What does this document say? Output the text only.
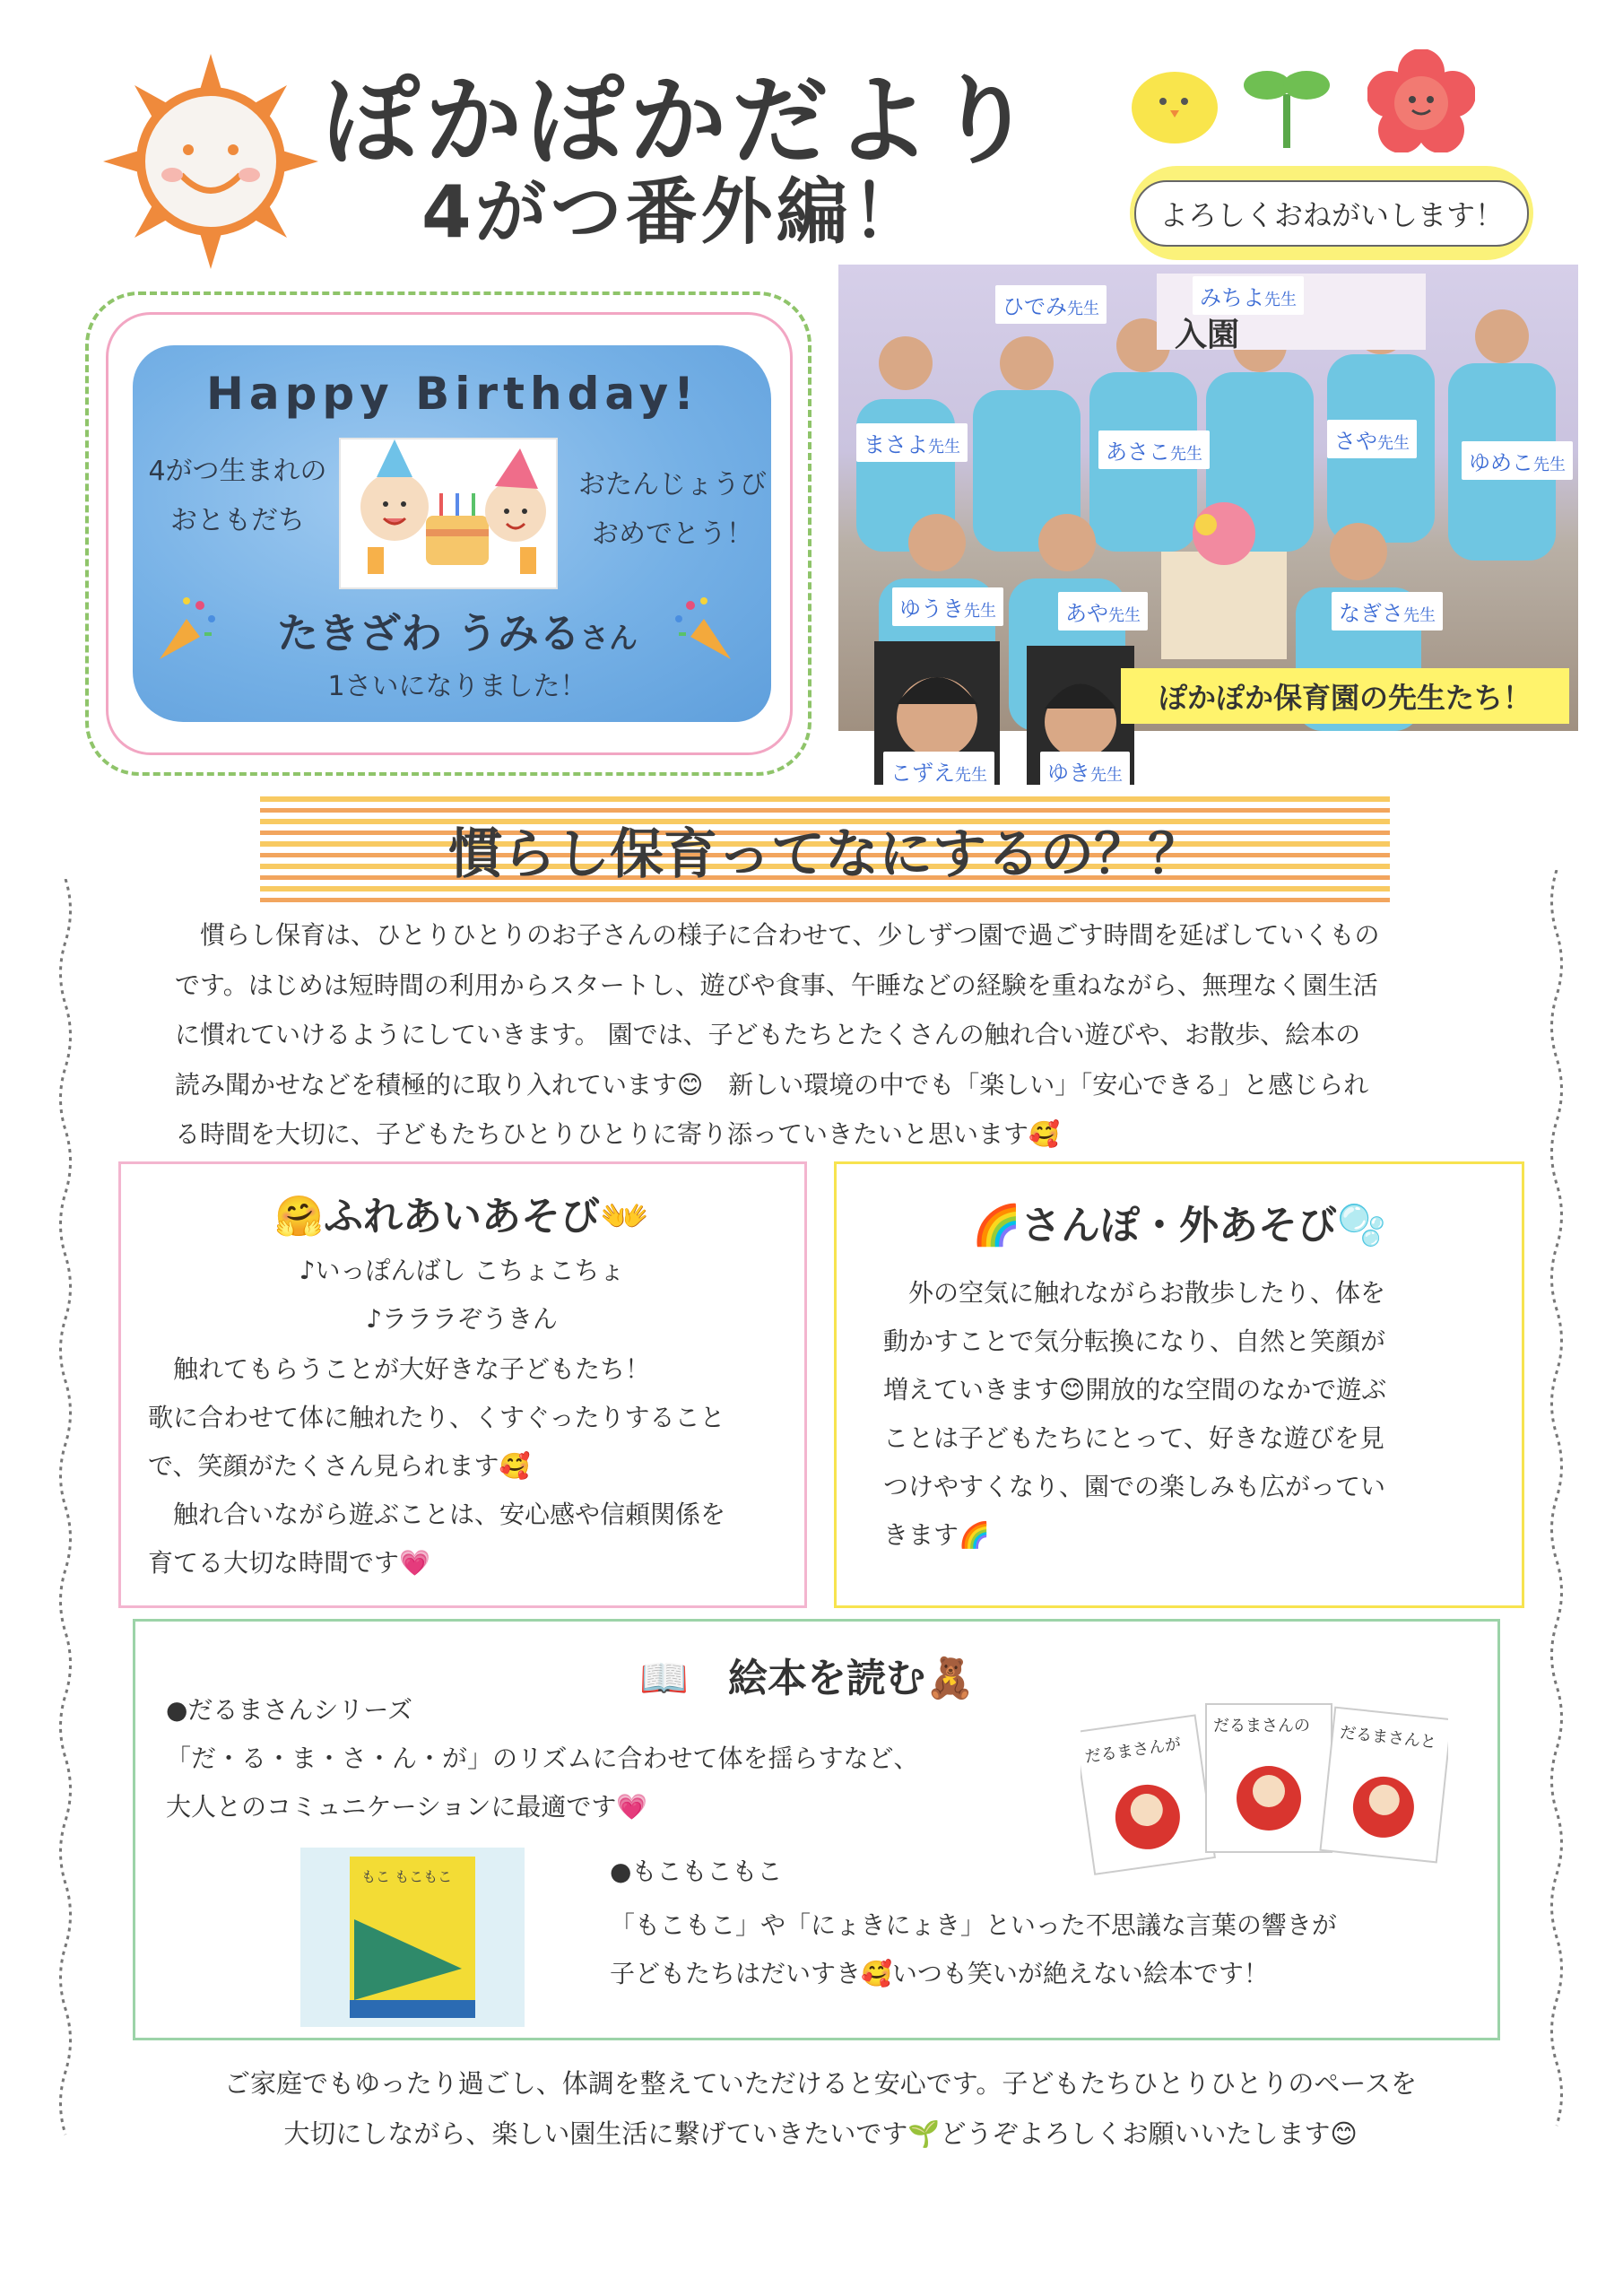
ぽかぽかだより
4がつ番外編！	よろしくおねがいします！
Happy Birthday!
4がつ生まれの
おともだち
おたんじょうび
おめでとう！
たきざわ うみるさん
1さいになりました！
入園
ひでみ先生	みちよ先生
まさよ先生	あさこ先生
さや先生
ゆめこ先生
ゆうき先生	あや先生	なぎさ先生
こずえ先生	ゆき先生
ぽかぽか保育園の先生たち！
慣らし保育ってなにするの？？
　慣らし保育は、ひとりひとりのお子さんの様子に合わせて、少しずつ園で過ごす時間を延ばしていくもの
です。はじめは短時間の利用からスタートし、遊びや食事、午睡などの経験を重ねながら、無理なく園生活
に慣れていけるようにしていきます。 園では、子どもたちとたくさんの触れ合い遊びや、お散歩、絵本の
読み聞かせなどを積極的に取り入れています😊　新しい環境の中でも「楽しい」「安心できる」と感じられ
る時間を大切に、子どもたちひとりひとりに寄り添っていきたいと思います🥰
🤗ふれあいあそび👐
♪いっぽんばし こちょこちょ
♪ラララぞうきん
　触れてもらうことが大好きな子どもたち！
歌に合わせて体に触れたり、くすぐったりすること
で、笑顔がたくさん見られます🥰
　触れ合いながら遊ぶことは、安心感や信頼関係を
育てる大切な時間です💗
🌈さんぽ・外あそび🫧
　外の空気に触れながらお散歩したり、体を
動かすことで気分転換になり、自然と笑顔が
増えていきます😊開放的な空間のなかで遊ぶ
ことは子どもたちにとって、好きな遊びを見
つけやすくなり、園での楽しみも広がってい
きます🌈
📖　絵本を読む🧸
●だるまさんシリーズ
「だ・る・ま・さ・ん・が」のリズムに合わせて体を揺らすなど、
大人とのコミュニケーションに最適です💗
だるまさんが
だるまさんの だるまさんと
もこ もこもこ	●もこもこもこ
「もこもこ」や「にょきにょき」といった不思議な言葉の響きが
子どもたちはだいすき🥰いつも笑いが絶えない絵本です！
ご家庭でもゆったり過ごし、体調を整えていただけると安心です。子どもたちひとりひとりのペースを
大切にしながら、楽しい園生活に繋げていきたいです🌱どうぞよろしくお願いいたします😊
